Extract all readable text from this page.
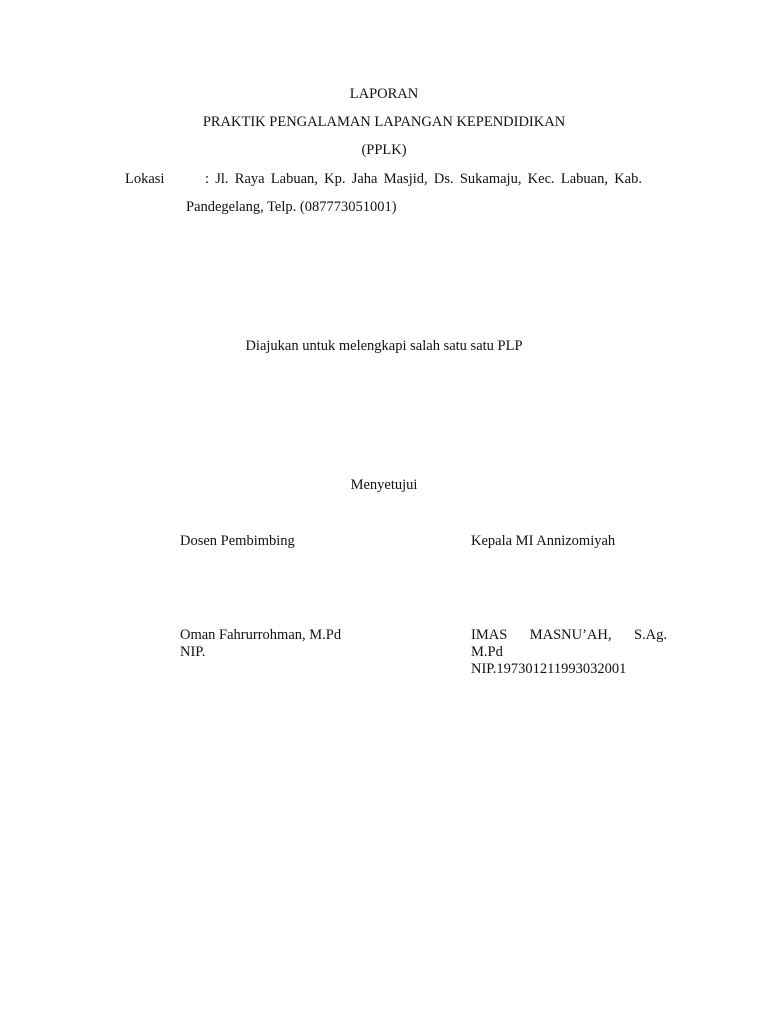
LAPORAN
PRAKTIK PENGALAMAN LAPANGAN KEPENDIDIKAN
(PPLK)
Lokasi	: Jl. Raya Labuan, Kp. Jaha Masjid, Ds. Sukamaju, Kec. Labuan, Kab.
Pandegelang, Telp. (087773051001)
Diajukan untuk melengkapi salah satu satu PLP
Menyetujui
Dosen Pembimbing	Kepala MI Annizomiyah
Oman Fahrurrohman, M.Pd
NIP.
IMAS MASNU’AH, S.Ag.
M.Pd
NIP.197301211993032001
